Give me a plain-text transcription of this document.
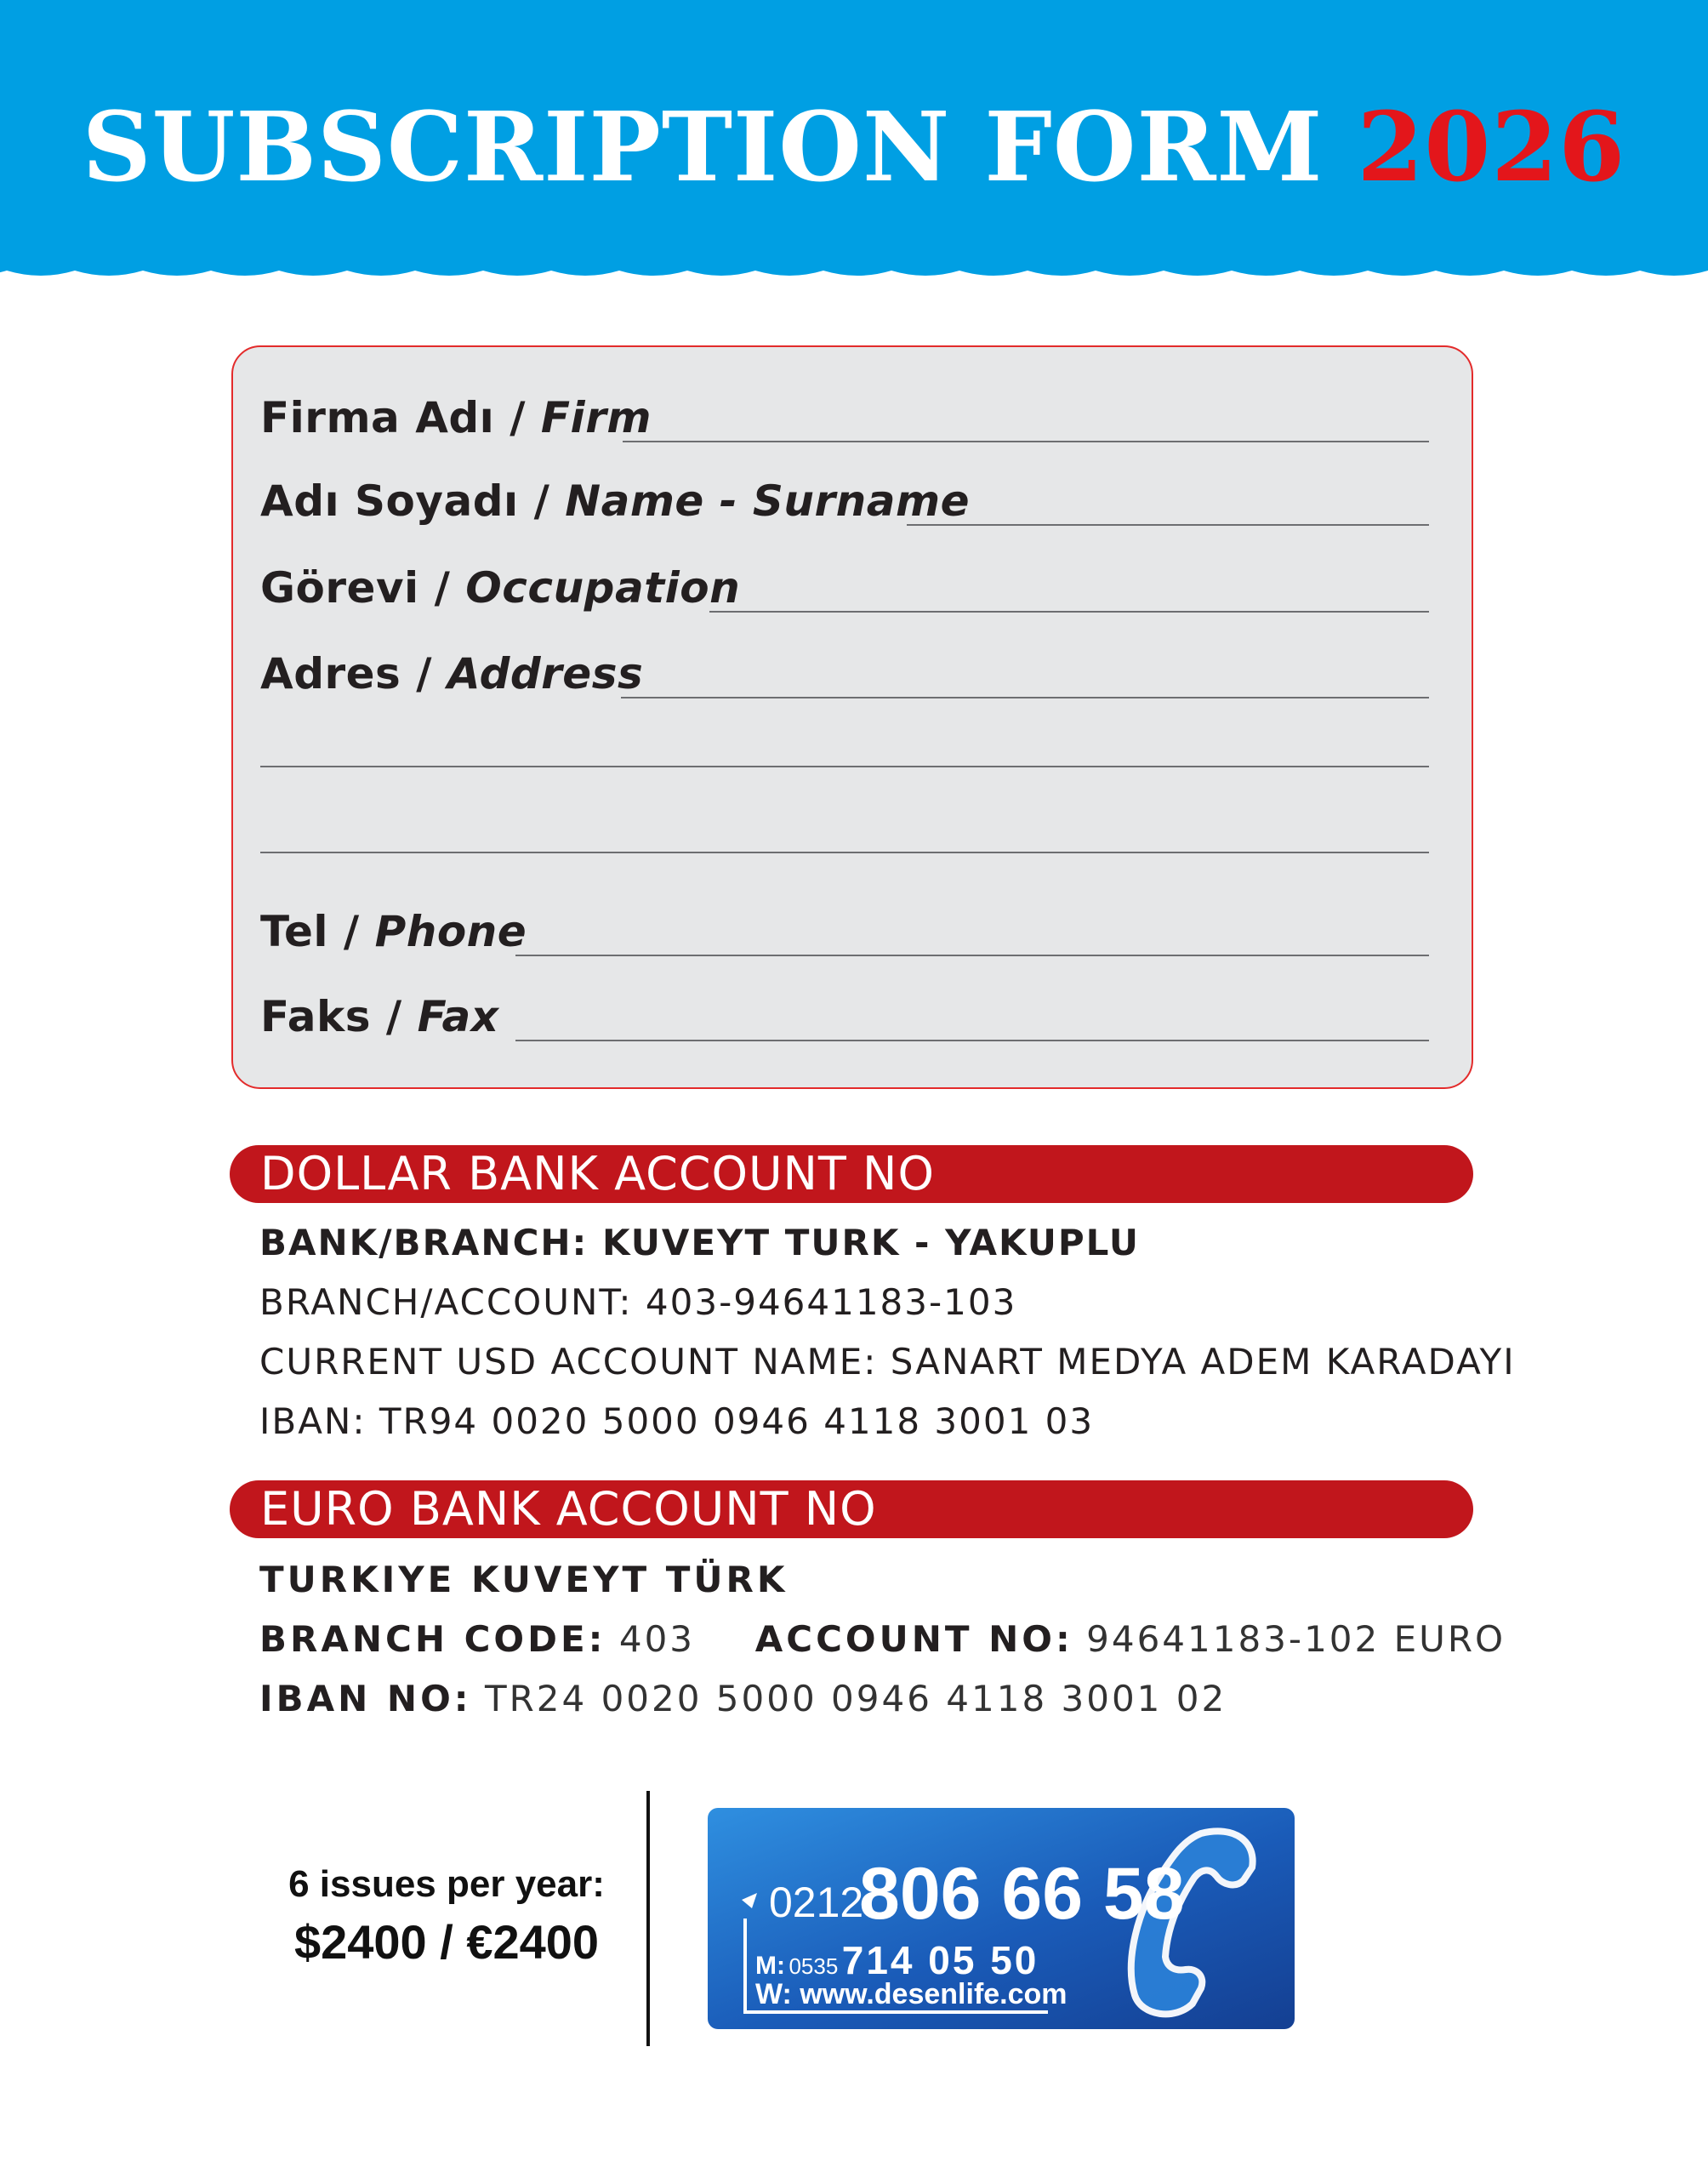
SUBSCRIPTION FORM 2026
Firma Adı / Firm
Adı Soyadı / Name - Surname
Görevi / Occupation
Adres / Address
Tel / Phone
Faks / Fax
DOLLAR BANK ACCOUNT NO
BANK/BRANCH: KUVEYT TURK - YAKUPLU
BRANCH/ACCOUNT: 403-94641183-103
CURRENT USD ACCOUNT NAME: SANART MEDYA ADEM KARADAYI
IBAN: TR94 0020 5000 0946 4118 3001 03
EURO BANK ACCOUNT NO
TURKIYE KUVEYT TÜRK
BRANCH CODE: 403 ACCOUNT NO: 94641183-102 EURO
IBAN NO: TR24 0020 5000 0946 4118 3001 02
6 issues per year:
$2400 / €2400
0212
806 66 58
M: 0535 714 05 50
W: www.desenlife.com
